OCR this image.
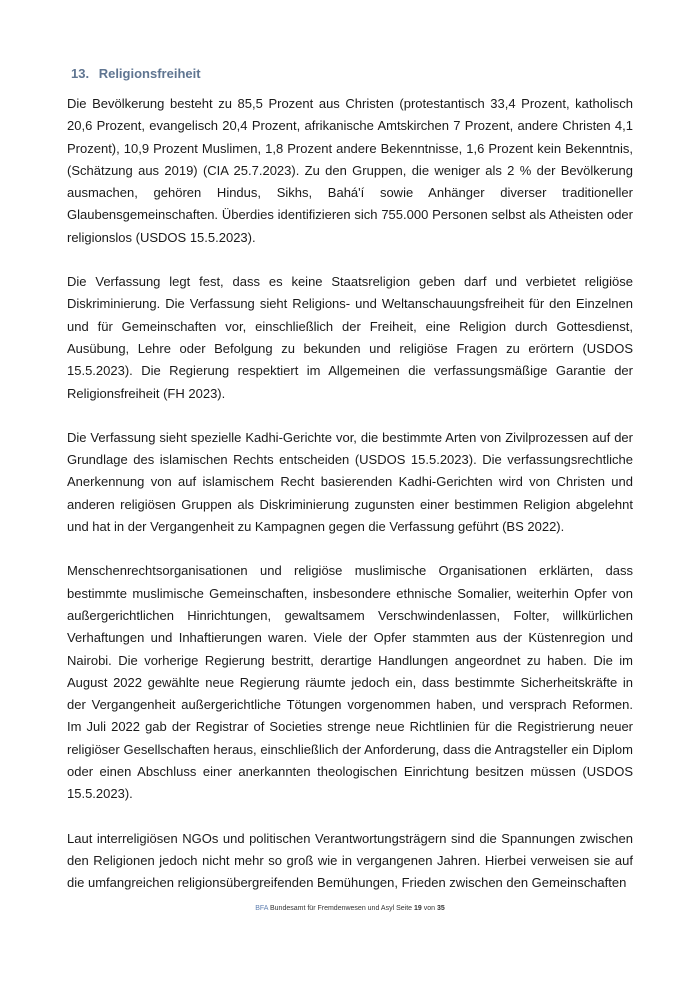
13. Religionsfreiheit

Die Bevölkerung besteht zu 85,5 Prozent aus Christen (protestantisch 33,4 Prozent, katholisch 20,6 Prozent, evangelisch 20,4 Prozent, afrikanische Amtskirchen 7 Prozent, andere Christen 4,1 Prozent), 10,9 Prozent Muslimen, 1,8 Prozent andere Bekenntnisse, 1,6 Prozent kein Bekenntnis, (Schätzung aus 2019) (CIA 25.7.2023). Zu den Gruppen, die weniger als 2 % der Bevölkerung ausmachen, gehören Hindus, Sikhs, Bahá'í sowie Anhänger diverser traditioneller Glaubensgemeinschaften. Überdies identifizieren sich 755.000 Personen selbst als Atheisten oder religionslos (USDOS 15.5.2023).

Die Verfassung legt fest, dass es keine Staatsreligion geben darf und verbietet religiöse Diskriminierung. Die Verfassung sieht Religions- und Weltanschauungsfreiheit für den Einzelnen und für Gemeinschaften vor, einschließlich der Freiheit, eine Religion durch Gottesdienst, Ausübung, Lehre oder Befolgung zu bekunden und religiöse Fragen zu erörtern (USDOS 15.5.2023). Die Regierung respektiert im Allgemeinen die verfassungsmäßige Garantie der Religionsfreiheit (FH 2023).

Die Verfassung sieht spezielle Kadhi-Gerichte vor, die bestimmte Arten von Zivilprozessen auf der Grundlage des islamischen Rechts entscheiden (USDOS 15.5.2023). Die verfassungsrechtliche Anerkennung von auf islamischem Recht basierenden Kadhi-Gerichten wird von Christen und anderen religiösen Gruppen als Diskriminierung zugunsten einer bestimmen Religion abgelehnt und hat in der Vergangenheit zu Kampagnen gegen die Verfassung geführt (BS 2022).

Menschenrechtsorganisationen und religiöse muslimische Organisationen erklärten, dass bestimmte muslimische Gemeinschaften, insbesondere ethnische Somalier, weiterhin Opfer von außergerichtlichen Hinrichtungen, gewaltsamem Verschwindenlassen, Folter, willkürlichen Verhaftungen und Inhaftierungen waren. Viele der Opfer stammten aus der Küstenregion und Nairobi. Die vorherige Regierung bestritt, derartige Handlungen angeordnet zu haben. Die im August 2022 gewählte neue Regierung räumte jedoch ein, dass bestimmte Sicherheitskräfte in der Vergangenheit außergerichtliche Tötungen vorgenommen haben, und versprach Reformen. Im Juli 2022 gab der Registrar of Societies strenge neue Richtlinien für die Registrierung neuer religiöser Gesellschaften heraus, einschließlich der Anforderung, dass die Antragsteller ein Diplom oder einen Abschluss einer anerkannten theologischen Einrichtung besitzen müssen (USDOS 15.5.2023).

Laut interreligiösen NGOs und politischen Verantwortungsträgern sind die Spannungen zwischen den Religionen jedoch nicht mehr so groß wie in vergangenen Jahren. Hierbei verweisen sie auf die umfangreichen religionsübergreifenden Bemühungen, Frieden zwischen den Gemeinschaften

BFA Bundesamt für Fremdenwesen und Asyl Seite 19 von 35
